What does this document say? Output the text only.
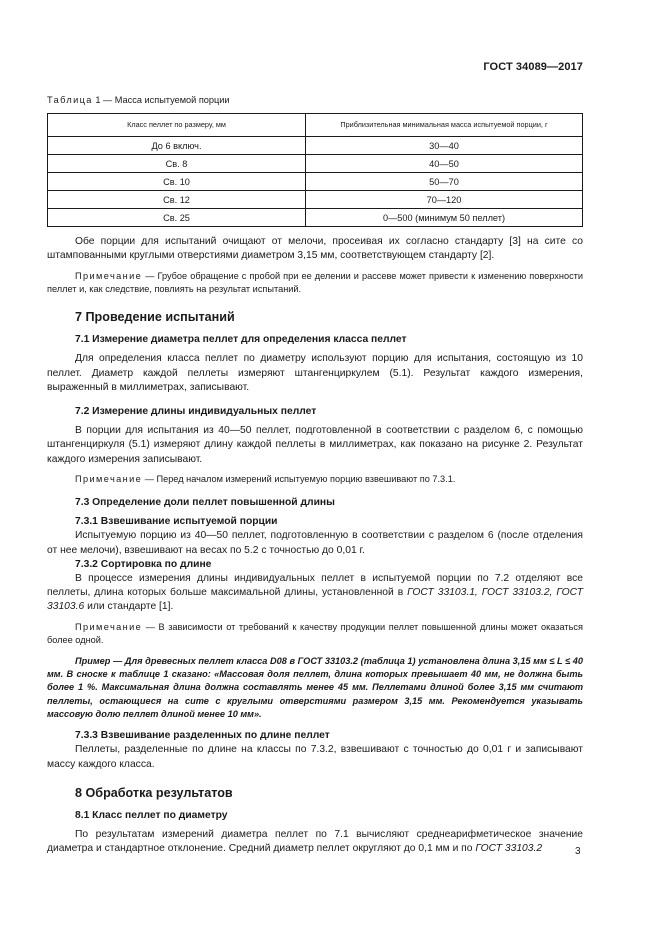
ГОСТ 34089—2017

Таблица 1 — Масса испытуемой порции

Класс пеллет по размеру, мм	Приблизительная минимальная масса испытуемой порции, г
До 6 включ.	30—40
Св. 8	40—50
Св. 10	50—70
Св. 12	70—120
Св. 25	0—500 (минимум 50 пеллет)

Обе порции для испытаний очищают от мелочи, просеивая их согласно стандарту [3] на сите со штампованными круглыми отверстиями диаметром 3,15 мм, соответствующем стандарту [2].

Примечание — Грубое обращение с пробой при ее делении и рассеве может привести к изменению поверхности пеллет и, как следствие, повлиять на результат испытаний.

7 Проведение испытаний
7.1 Измерение диаметра пеллет для определения класса пеллет

Для определения класса пеллет по диаметру используют порцию для испытания, состоящую из 10 пеллет. Диаметр каждой пеллеты измеряют штангенциркулем (5.1). Результат каждого измерения, выраженный в миллиметрах, записывают.

7.2 Измерение длины индивидуальных пеллет

В порции для испытания из 40—50 пеллет, подготовленной в соответствии с разделом 6, с помощью штангенциркуля (5.1) измеряют длину каждой пеллеты в миллиметрах, как показано на рисунке 2. Результат каждого измерения записывают.

Примечание — Перед началом измерений испытуемую порцию взвешивают по 7.3.1.

7.3 Определение доли пеллет повышенной длины
7.3.1 Взвешивание испытуемой порции

Испытуемую порцию из 40—50 пеллет, подготовленную в соответствии с разделом 6 (после отделения от нее мелочи), взвешивают на весах по 5.2 с точностью до 0,01 г.

7.3.2 Сортировка по длине

В процессе измерения длины индивидуальных пеллет в испытуемой порции по 7.2 отделяют все пеллеты, длина которых больше максимальной длины, установленной в ГОСТ 33103.1, ГОСТ 33103.2, ГОСТ 33103.6 или стандарте [1].

Примечание — В зависимости от требований к качеству продукции пеллет повышенной длины может оказаться более одной.

Пример — Для древесных пеллет класса D08 в ГОСТ 33103.2 (таблица 1) установлена длина 3,15 мм ≤ L ≤ 40 мм. В сноске к таблице 1 сказано: «Массовая доля пеллет, длина которых превышает 40 мм, не должна быть более 1 %. Максимальная длина должна составлять менее 45 мм. Пеллетами длиной более 3,15 мм считают пеллеты, остающиеся на сите с круглыми отверстиями размером 3,15 мм. Рекомендуется указывать массовую долю пеллет длиной менее 10 мм».

7.3.3 Взвешивание разделенных по длине пеллет

Пеллеты, разделенные по длине на классы по 7.3.2, взвешивают с точностью до 0,01 г и записывают массу каждого класса.

8 Обработка результатов
8.1 Класс пеллет по диаметру

По результатам измерений диаметра пеллет по 7.1 вычисляют среднеарифметическое значение диаметра и стандартное отклонение. Средний диаметр пеллет округляют до 0,1 мм и по ГОСТ 33103.2	3
